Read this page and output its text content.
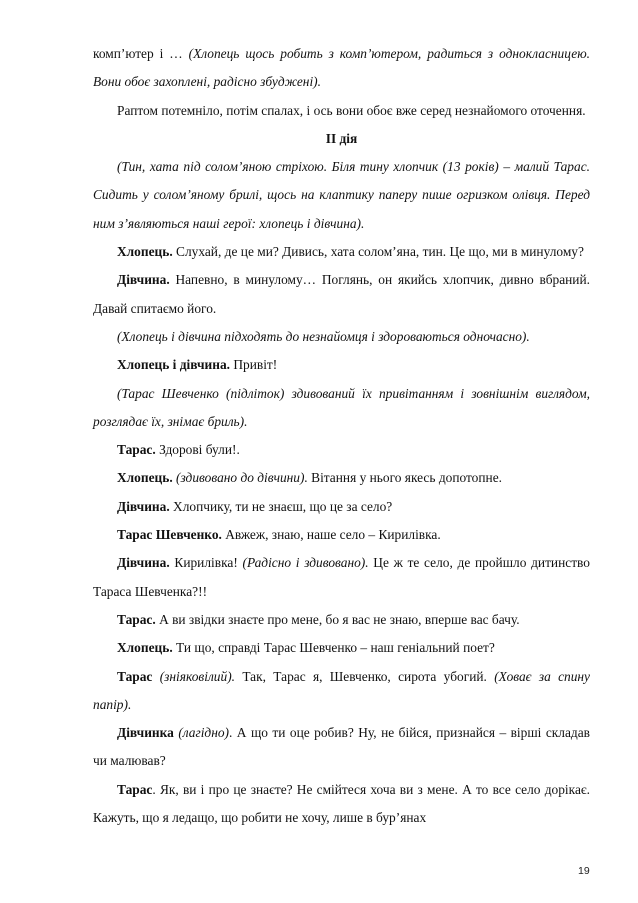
комп’ютер і … (Хлопець щось робить з комп’ютером, радиться з однокласницею. Вони обоє захоплені, радісно збуджені).

Раптом потемніло, потім спалах, і ось вони обоє вже серед незнайомого оточення.

ІІ дія

(Тин, хата під солом’яною стріхою. Біля тину хлопчик (13 років) – малий Тарас. Сидить у солом’яному брилі, щось на клаптику паперу пише огризком олівця. Перед ним з’являються наші герої: хлопець і дівчина).

Хлопець. Слухай, де це ми? Дивись, хата солом’яна, тин. Це що, ми в минулому?

Дівчина. Напевно, в минулому… Поглянь, он якийсь хлопчик, дивно вбраний. Давай спитаємо його.

(Хлопець і дівчина підходять до незнайомця і здороваються одночасно).

Хлопець і дівчина. Привіт!

(Тарас Шевченко (підліток) здивований їх привітанням і зовнішнім виглядом, розглядає їх, знімає бриль).

Тарас. Здорові були!.

Хлопець. (здивовано до дівчини). Вітання у нього якесь допотопне.

Дівчина. Хлопчику, ти не знаєш, що це за село?

Тарас Шевченко. Авжеж, знаю, наше село – Кирилівка.

Дівчина. Кирилівка! (Радісно і здивовано). Це ж те село, де пройшло дитинство Тараса Шевченка?!!

Тарас. А ви звідки знаєте про мене, бо я вас не знаю, вперше вас бачу.

Хлопець. Ти що, справді Тарас Шевченко – наш геніальний поет?

Тарас (зніяковілий). Так, Тарас я, Шевченко, сирота убогий. (Ховає за спину папір).

Дівчинка (лагідно). А що ти оце робив? Ну, не бійся, признайся – вірші складав чи малював?

Тарас. Як, ви і про це знаєте? Не смійтеся хоча ви з мене. А то все село дорікає. Кажуть, що я ледащо, що робити не хочу, лише в бур’янах

19
